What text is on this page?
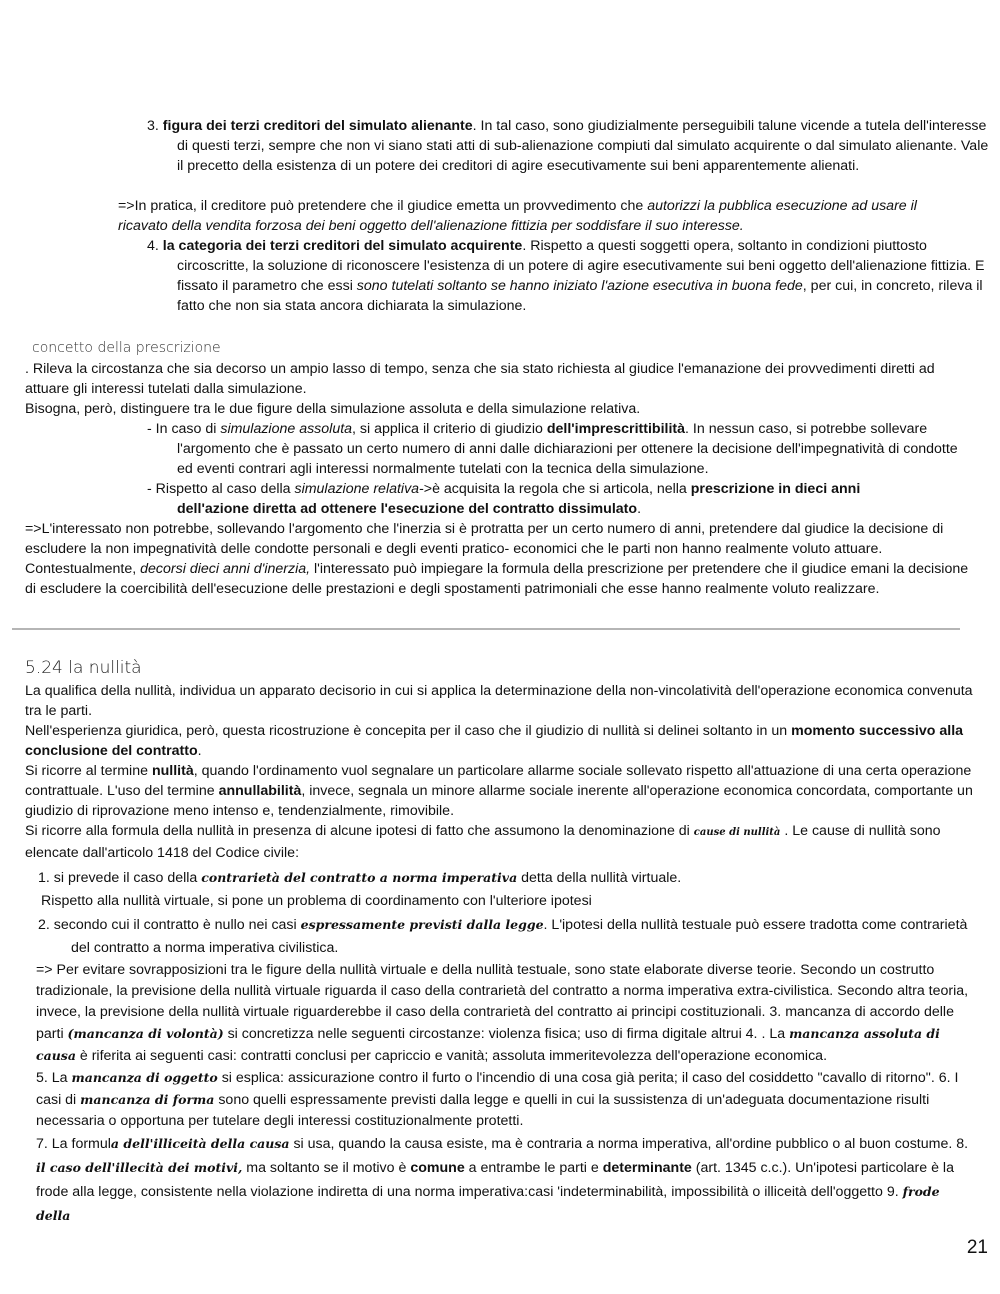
3. figura dei terzi creditori del simulato alienante. In tal caso, sono giudizialmente perseguibili talune vicende a tutela dell'interesse di questi terzi, sempre che non vi siano stati atti di sub-alienazione compiuti dal simulato acquirente o dal simulato alienante. Vale il precetto della esistenza di un potere dei creditori di agire esecutivamente sui beni apparentemente alienati.
=>In pratica, il creditore può pretendere che il giudice emetta un provvedimento che autorizzi la pubblica esecuzione ad usare il ricavato della vendita forzosa dei beni oggetto dell'alienazione fittizia per soddisfare il suo interesse.
4. la categoria dei terzi creditori del simulato acquirente. Rispetto a questi soggetti opera, soltanto in condizioni piuttosto circoscritte, la soluzione di riconoscere l'esistenza di un potere di agire esecutivamente sui beni oggetto dell'alienazione fittizia. E fissato il parametro che essi sono tutelati soltanto se hanno iniziato l'azione esecutiva in buona fede, per cui, in concreto, rileva il fatto che non sia stata ancora dichiarata la simulazione.
concetto della prescrizione

. Rileva la circostanza che sia decorso un ampio lasso di tempo, senza che sia stato richiesta al giudice l'emanazione dei provvedimenti diretti ad attuare gli interessi tutelati dalla simulazione.

Bisogna, però, distinguere tra le due figure della simulazione assoluta e della simulazione relativa.

- In caso di simulazione assoluta, si applica il criterio di giudizio dell'imprescrittibilità. In nessun caso, si potrebbe sollevare l'argomento che è passato un certo numero di anni dalle dichiarazioni per ottenere la decisione dell'impegnatività di condotte ed eventi contrari agli interessi normalmente tutelati con la tecnica della simulazione.
- Rispetto al caso della simulazione relativa->è acquisita la regola che si articola, nella prescrizione in dieci anni dell'azione diretta ad ottenere l'esecuzione del contratto dissimulato.

=>L'interessato non potrebbe, sollevando l'argomento che l'inerzia si è protratta per un certo numero di anni, pretendere dal giudice la decisione di escludere la non impegnatività delle condotte personali e degli eventi pratico- economici che le parti non hanno realmente voluto attuare.

Contestualmente, decorsi dieci anni d'inerzia, l'interessato può impiegare la formula della prescrizione per pretendere che il giudice emani la decisione di escludere la coercibilità dell'esecuzione delle prestazioni e degli spostamenti patrimoniali che esse hanno realmente voluto realizzare.

5.24 la nullità

La qualifica della nullità, individua un apparato decisorio in cui si applica la determinazione della non-vincolatività dell'operazione economica convenuta tra le parti.

Nell'esperienza giuridica, però, questa ricostruzione è concepita per il caso che il giudizio di nullità si delinei soltanto in un momento successivo alla conclusione del contratto.

Si ricorre al termine nullità, quando l'ordinamento vuol segnalare un particolare allarme sociale sollevato rispetto all'attuazione di una certa operazione contrattuale. L'uso del termine annullabilità, invece, segnala un minore allarme sociale inerente all'operazione economica concordata, comportante un giudizio di riprovazione meno intenso e, tendenzialmente, rimovibile.

Si ricorre alla formula della nullità in presenza di alcune ipotesi di fatto che assumono la denominazione di cause di nullità . Le cause di nullità sono elencate dall'articolo 1418 del Codice civile:

1. si prevede il caso della contrarietà del contratto a norma imperativa detta della nullità virtuale.
Rispetto alla nullità virtuale, si pone un problema di coordinamento con l'ulteriore ipotesi
2. secondo cui il contratto è nullo nei casi espressamente previsti dalla legge. L'ipotesi della nullità testuale può essere tradotta come contrarietà del contratto a norma imperativa civilistica.
=> Per evitare sovrapposizioni tra le figure della nullità virtuale e della nullità testuale, sono state elaborate diverse teorie. Secondo un costrutto tradizionale, la previsione della nullità virtuale riguarda il caso della contrarietà del contratto a norma imperativa extra-civilistica. Secondo altra teoria, invece, la previsione della nullità virtuale riguarderebbe il caso della contrarietà del contratto ai principi costituzionali. 3. mancanza di accordo delle parti (mancanza di volontà) si concretizza nelle seguenti circostanze: violenza fisica; uso di firma digitale altrui 4. . La mancanza assoluta di causa è riferita ai seguenti casi: contratti conclusi per capriccio e vanità; assoluta immeritevolezza dell'operazione economica.
5. La mancanza di oggetto si esplica: assicurazione contro il furto o l'incendio di una cosa già perita; il caso del cosiddetto "cavallo di ritorno". 6. I casi di mancanza di forma sono quelli espressamente previsti dalla legge e quelli in cui la sussistenza di un'adeguata documentazione risulti necessaria o opportuna per tutelare degli interessi costituzionalmente protetti.
7. La formula dell'illiceità della causa si usa, quando la causa esiste, ma è contraria a norma imperativa, all'ordine pubblico o al buon costume. 8. il caso dell'illecità dei motivi, ma soltanto se il motivo è comune a entrambe le parti e determinante (art. 1345 c.c.). Un'ipotesi particolare è la frode alla legge, consistente nella violazione indiretta di una norma imperativa:casi 'indeterminabilità, impossibilità o illiceità dell'oggetto 9. frode della
21
